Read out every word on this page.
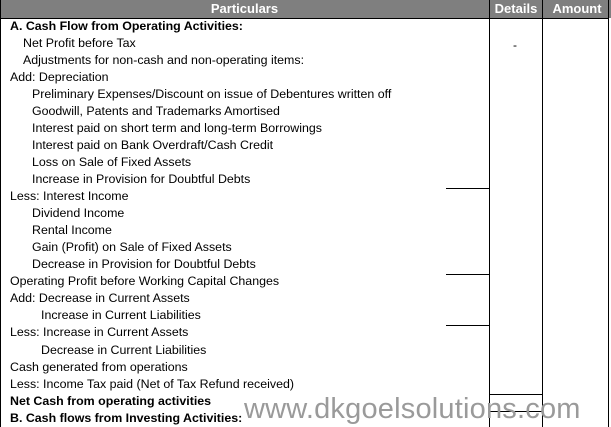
Particulars	Details	Amount
-
A. Cash Flow from Operating Activities:
Net Profit before Tax
Adjustments for non-cash and non-operating items:
Add: Depreciation
Preliminary Expenses/Discount on issue of Debentures written off
Goodwill, Patents and Trademarks Amortised
Interest paid on short term and long-term Borrowings
Interest paid on Bank Overdraft/Cash Credit
Loss on Sale of Fixed Assets
Increase in Provision for Doubtful Debts
Less: Interest Income
Dividend Income
Rental Income
Gain (Profit) on Sale of Fixed Assets
Decrease in Provision for Doubtful Debts
Operating Profit before Working Capital Changes
Add: Decrease in Current Assets
Increase in Current Liabilities
Less: Increase in Current Assets
Decrease in Current Liabilities
Cash generated from operations
Less: Income Tax paid (Net of Tax Refund received)
Net Cash from operating activities
B. Cash flows from Investing Activities: www.dkgoelsolutions.com
